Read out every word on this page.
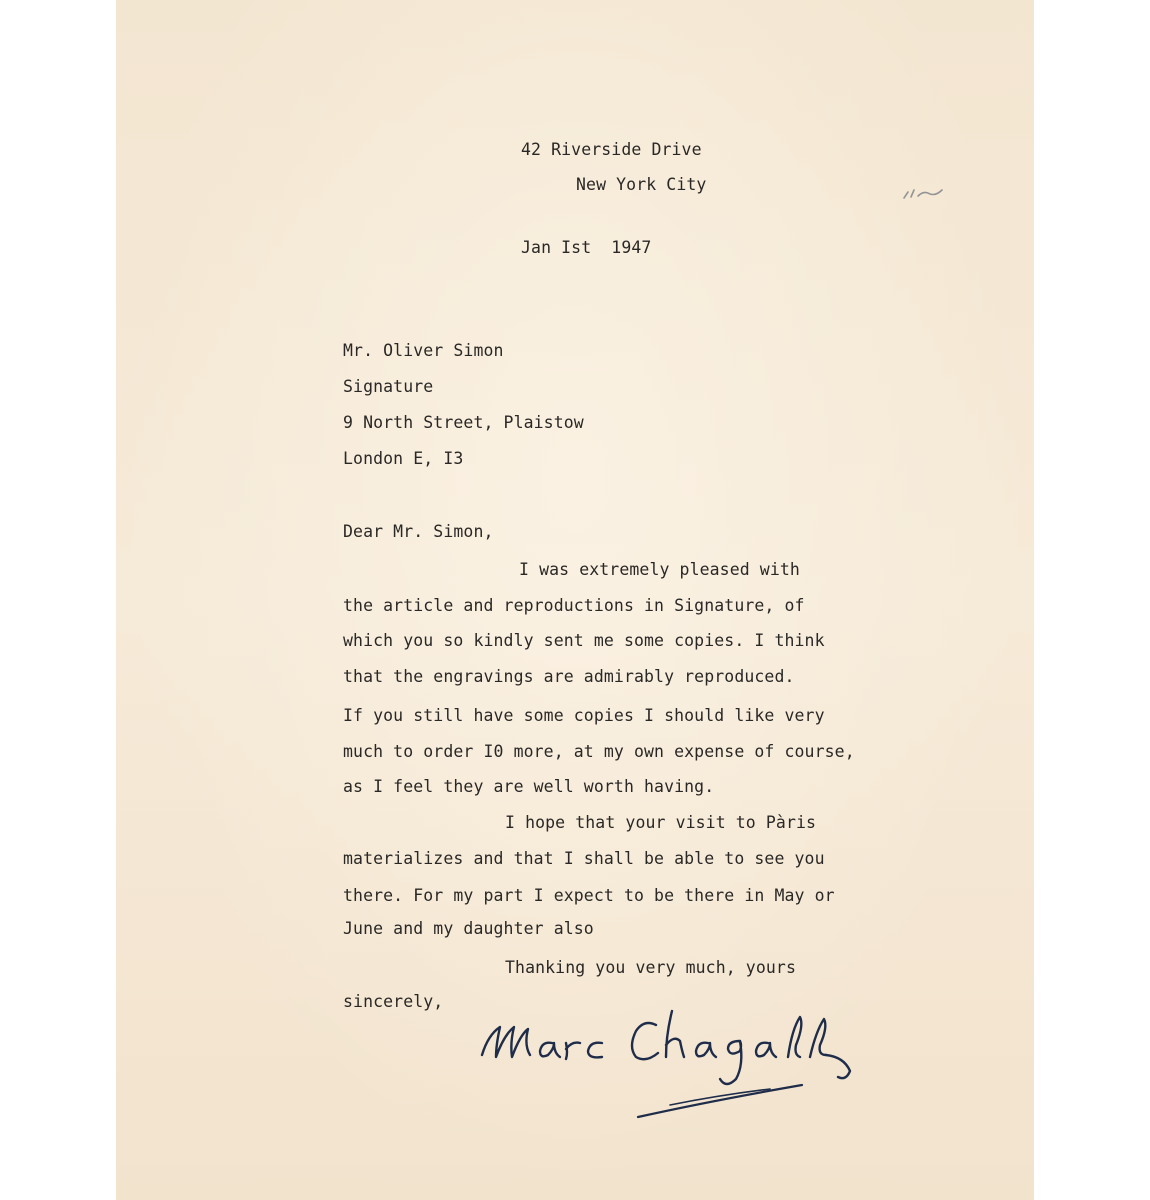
42 Riverside Drive

New York City

Jan Ist  1947

Mr. Oliver Simon

Signature

9 North Street, Plaistow

London E, I3

Dear Mr. Simon,

I was extremely pleased with

the article and reproductions in Signature, of

which you so kindly sent me some copies. I think

that the engravings are admirably reproduced.

If you still have some copies I should like very

much to order I0 more, at my own expense of course,

as I feel they are well worth having.

I hope that your visit to Pàris

materializes and that I shall be able to see you

there. For my part I expect to be there in May or

June and my daughter also

Thanking you very much, yours

sincerely,
